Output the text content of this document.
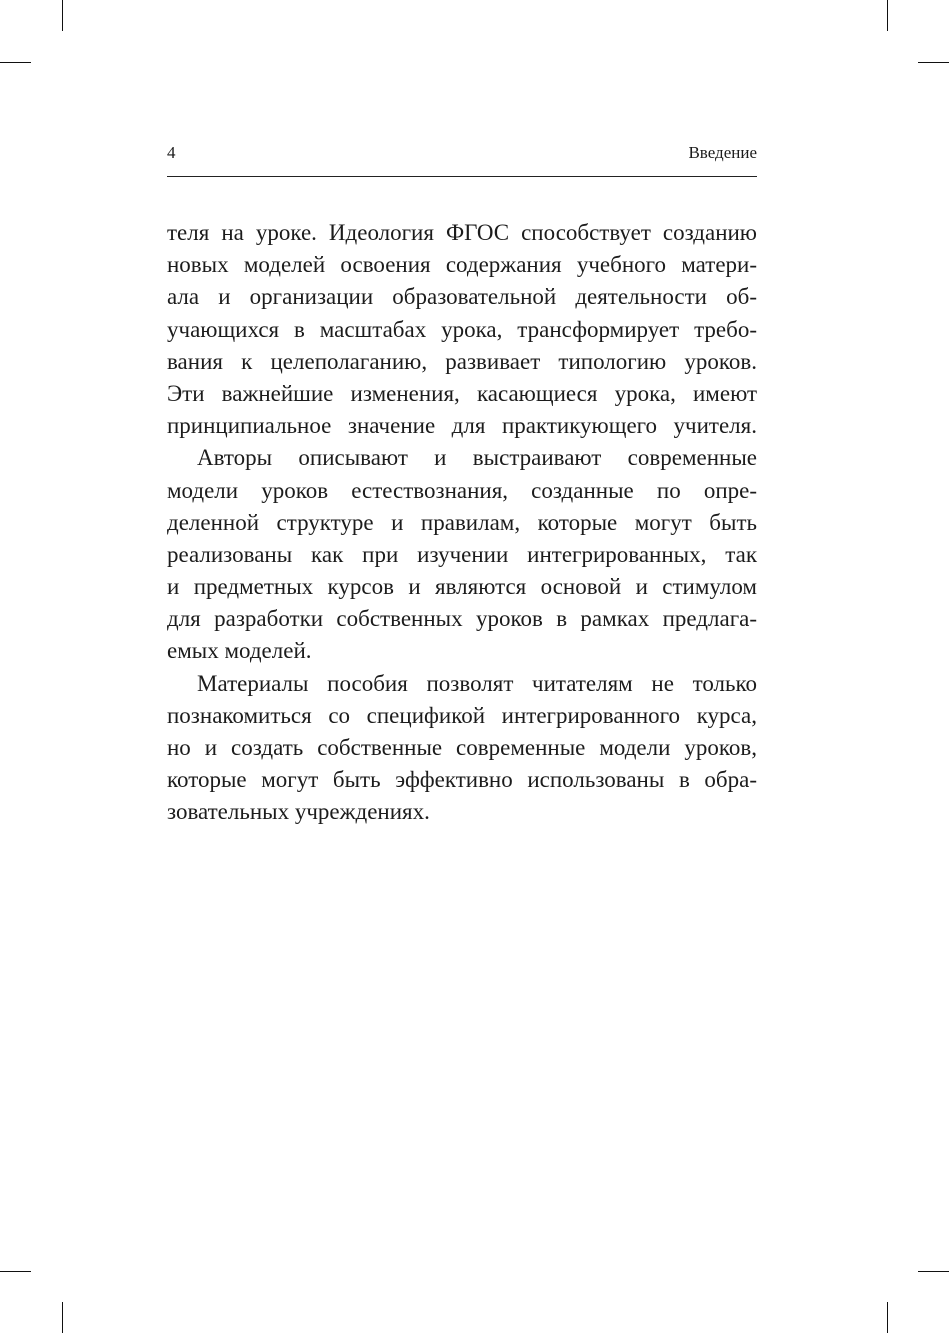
4	Введение
теля на уроке. Идеология ФГОС способствует созданию
новых моделей освоения содержания учебного матери-
ала и организации образовательной деятельности об-
учающихся в масштабах урока, трансформирует требо-
вания к целеполаганию, развивает типологию уроков.
Эти важнейшие изменения, касающиеся урока, имеют
принципиальное значение для практикующего учителя.
Авторы описывают и выстраивают современные
модели уроков естествознания, созданные по опре-
деленной структуре и правилам, которые могут быть
реализованы как при изучении интегрированных, так
и предметных курсов и являются основой и стимулом
для разработки собственных уроков в рамках предлага-
емых моделей.
Материалы пособия позволят читателям не только
познакомиться со спецификой интегрированного курса,
но и создать собственные современные модели уроков,
которые могут быть эффективно использованы в обра-
зовательных учреждениях.
